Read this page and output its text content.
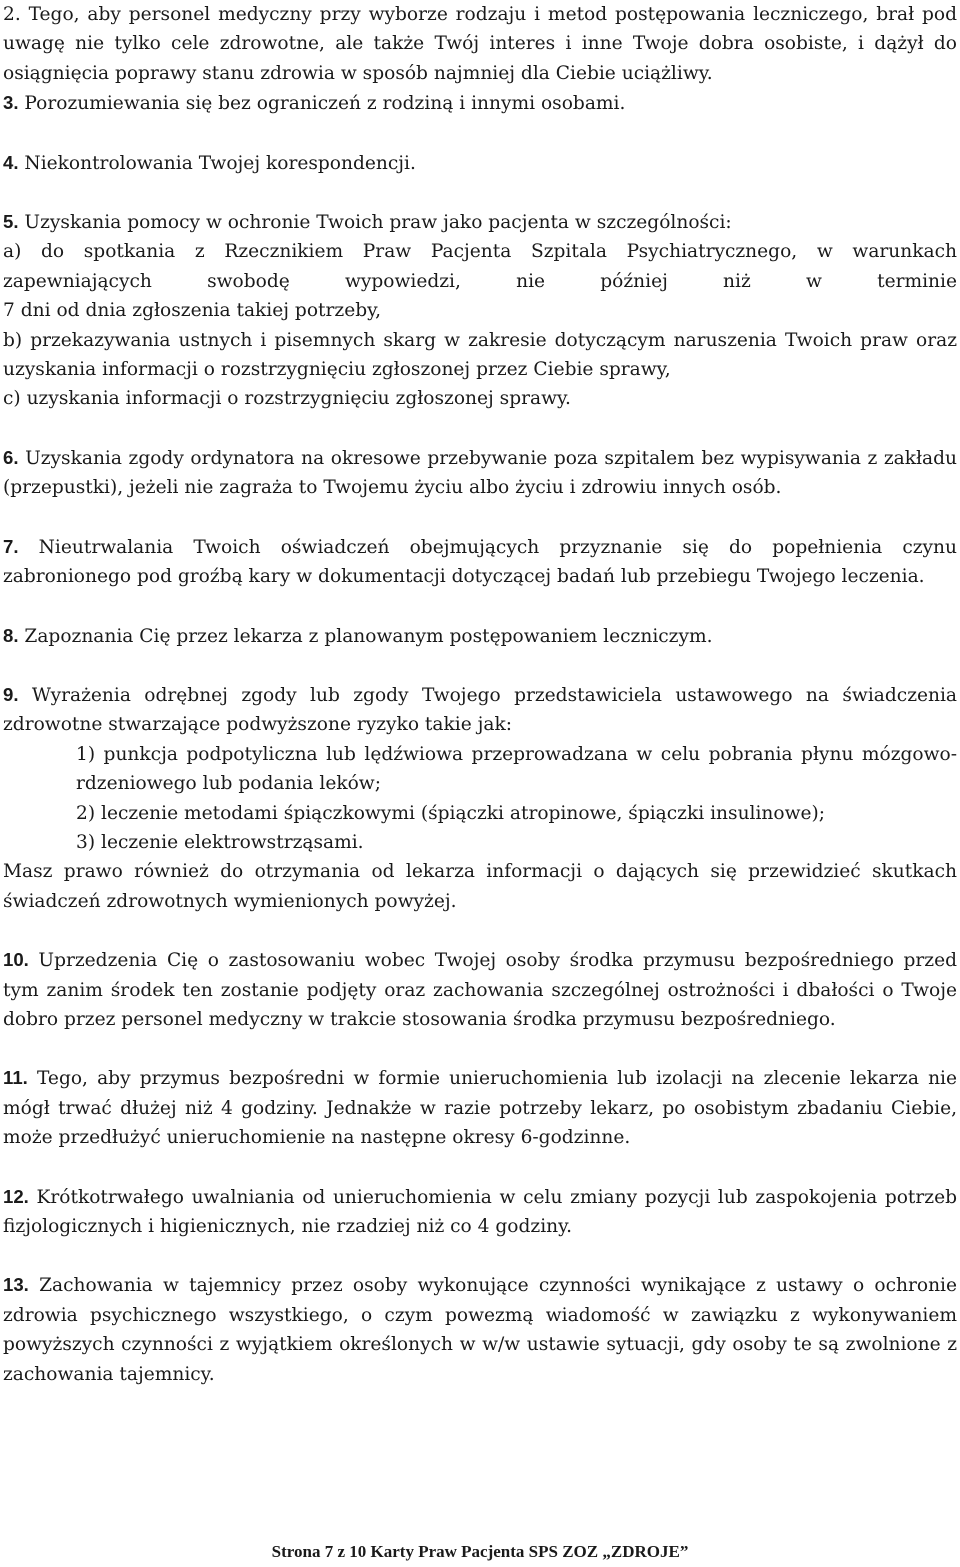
2. Tego, aby personel medyczny przy wyborze rodzaju i metod postępowania leczniczego, brał pod uwagę nie tylko cele zdrowotne, ale także Twój interes i inne Twoje dobra osobiste, i dążył do osiągnięcia poprawy stanu zdrowia w sposób najmniej dla Ciebie uciążliwy.

3. Porozumiewania się bez ograniczeń z rodziną i innymi osobami.

4. Niekontrolowania Twojej korespondencji.

5. Uzyskania pomocy w ochronie Twoich praw jako pacjenta w szczególności:

a) do spotkania z Rzecznikiem Praw Pacjenta Szpitala Psychiatrycznego, w warunkach zapewniających swobodę wypowiedzi, nie później niż w terminie

7 dni od dnia zgłoszenia takiej potrzeby,

b) przekazywania ustnych i pisemnych skarg w zakresie dotyczącym naruszenia Twoich praw oraz uzyskania informacji o rozstrzygnięciu zgłoszonej przez Ciebie sprawy,

c) uzyskania informacji o rozstrzygnięciu zgłoszonej sprawy.

6. Uzyskania zgody ordynatora na okresowe przebywanie poza szpitalem bez wypisywania z zakładu (przepustki), jeżeli nie zagraża to Twojemu życiu albo życiu i zdrowiu innych osób.

7. Nieutrwalania Twoich oświadczeń obejmujących przyznanie się do popełnienia czynu zabronionego pod groźbą kary w dokumentacji dotyczącej badań lub przebiegu Twojego leczenia.

8. Zapoznania Cię przez lekarza z planowanym postępowaniem leczniczym.

9. Wyrażenia odrębnej zgody lub zgody Twojego przedstawiciela ustawowego na świadczenia zdrowotne stwarzające podwyższone ryzyko takie jak:

1) punkcja podpotyliczna lub lędźwiowa przeprowadzana w celu pobrania płynu mózgowo-rdzeniowego lub podania leków;

2) leczenie metodami śpiączkowymi (śpiączki atropinowe, śpiączki insulinowe);

3) leczenie elektrowstrząsami.

Masz prawo również do otrzymania od lekarza informacji o dających się przewidzieć skutkach świadczeń zdrowotnych wymienionych powyżej.

10. Uprzedzenia Cię o zastosowaniu wobec Twojej osoby środka przymusu bezpośredniego przed tym zanim środek ten zostanie podjęty oraz zachowania szczególnej ostrożności i dbałości o Twoje dobro przez personel medyczny w trakcie stosowania środka przymusu bezpośredniego.

11. Tego, aby przymus bezpośredni w formie unieruchomienia lub izolacji na zlecenie lekarza nie mógł trwać dłużej niż 4 godziny. Jednakże w razie potrzeby lekarz, po osobistym zbadaniu Ciebie, może przedłużyć unieruchomienie na następne okresy 6-godzinne.

12. Krótkotrwałego uwalniania od unieruchomienia w celu zmiany pozycji lub zaspokojenia potrzeb fizjologicznych i higienicznych, nie rzadziej niż co 4 godziny.

13. Zachowania w tajemnicy przez osoby wykonujące czynności wynikające z ustawy o ochronie zdrowia psychicznego wszystkiego, o czym powezmą wiadomość w zawiązku z wykonywaniem powyższych czynności z wyjątkiem określonych w w/w ustawie sytuacji, gdy osoby te są zwolnione z zachowania tajemnicy.

Strona 7 z 10 Karty Praw Pacjenta SPS ZOZ „ZDROJE”
